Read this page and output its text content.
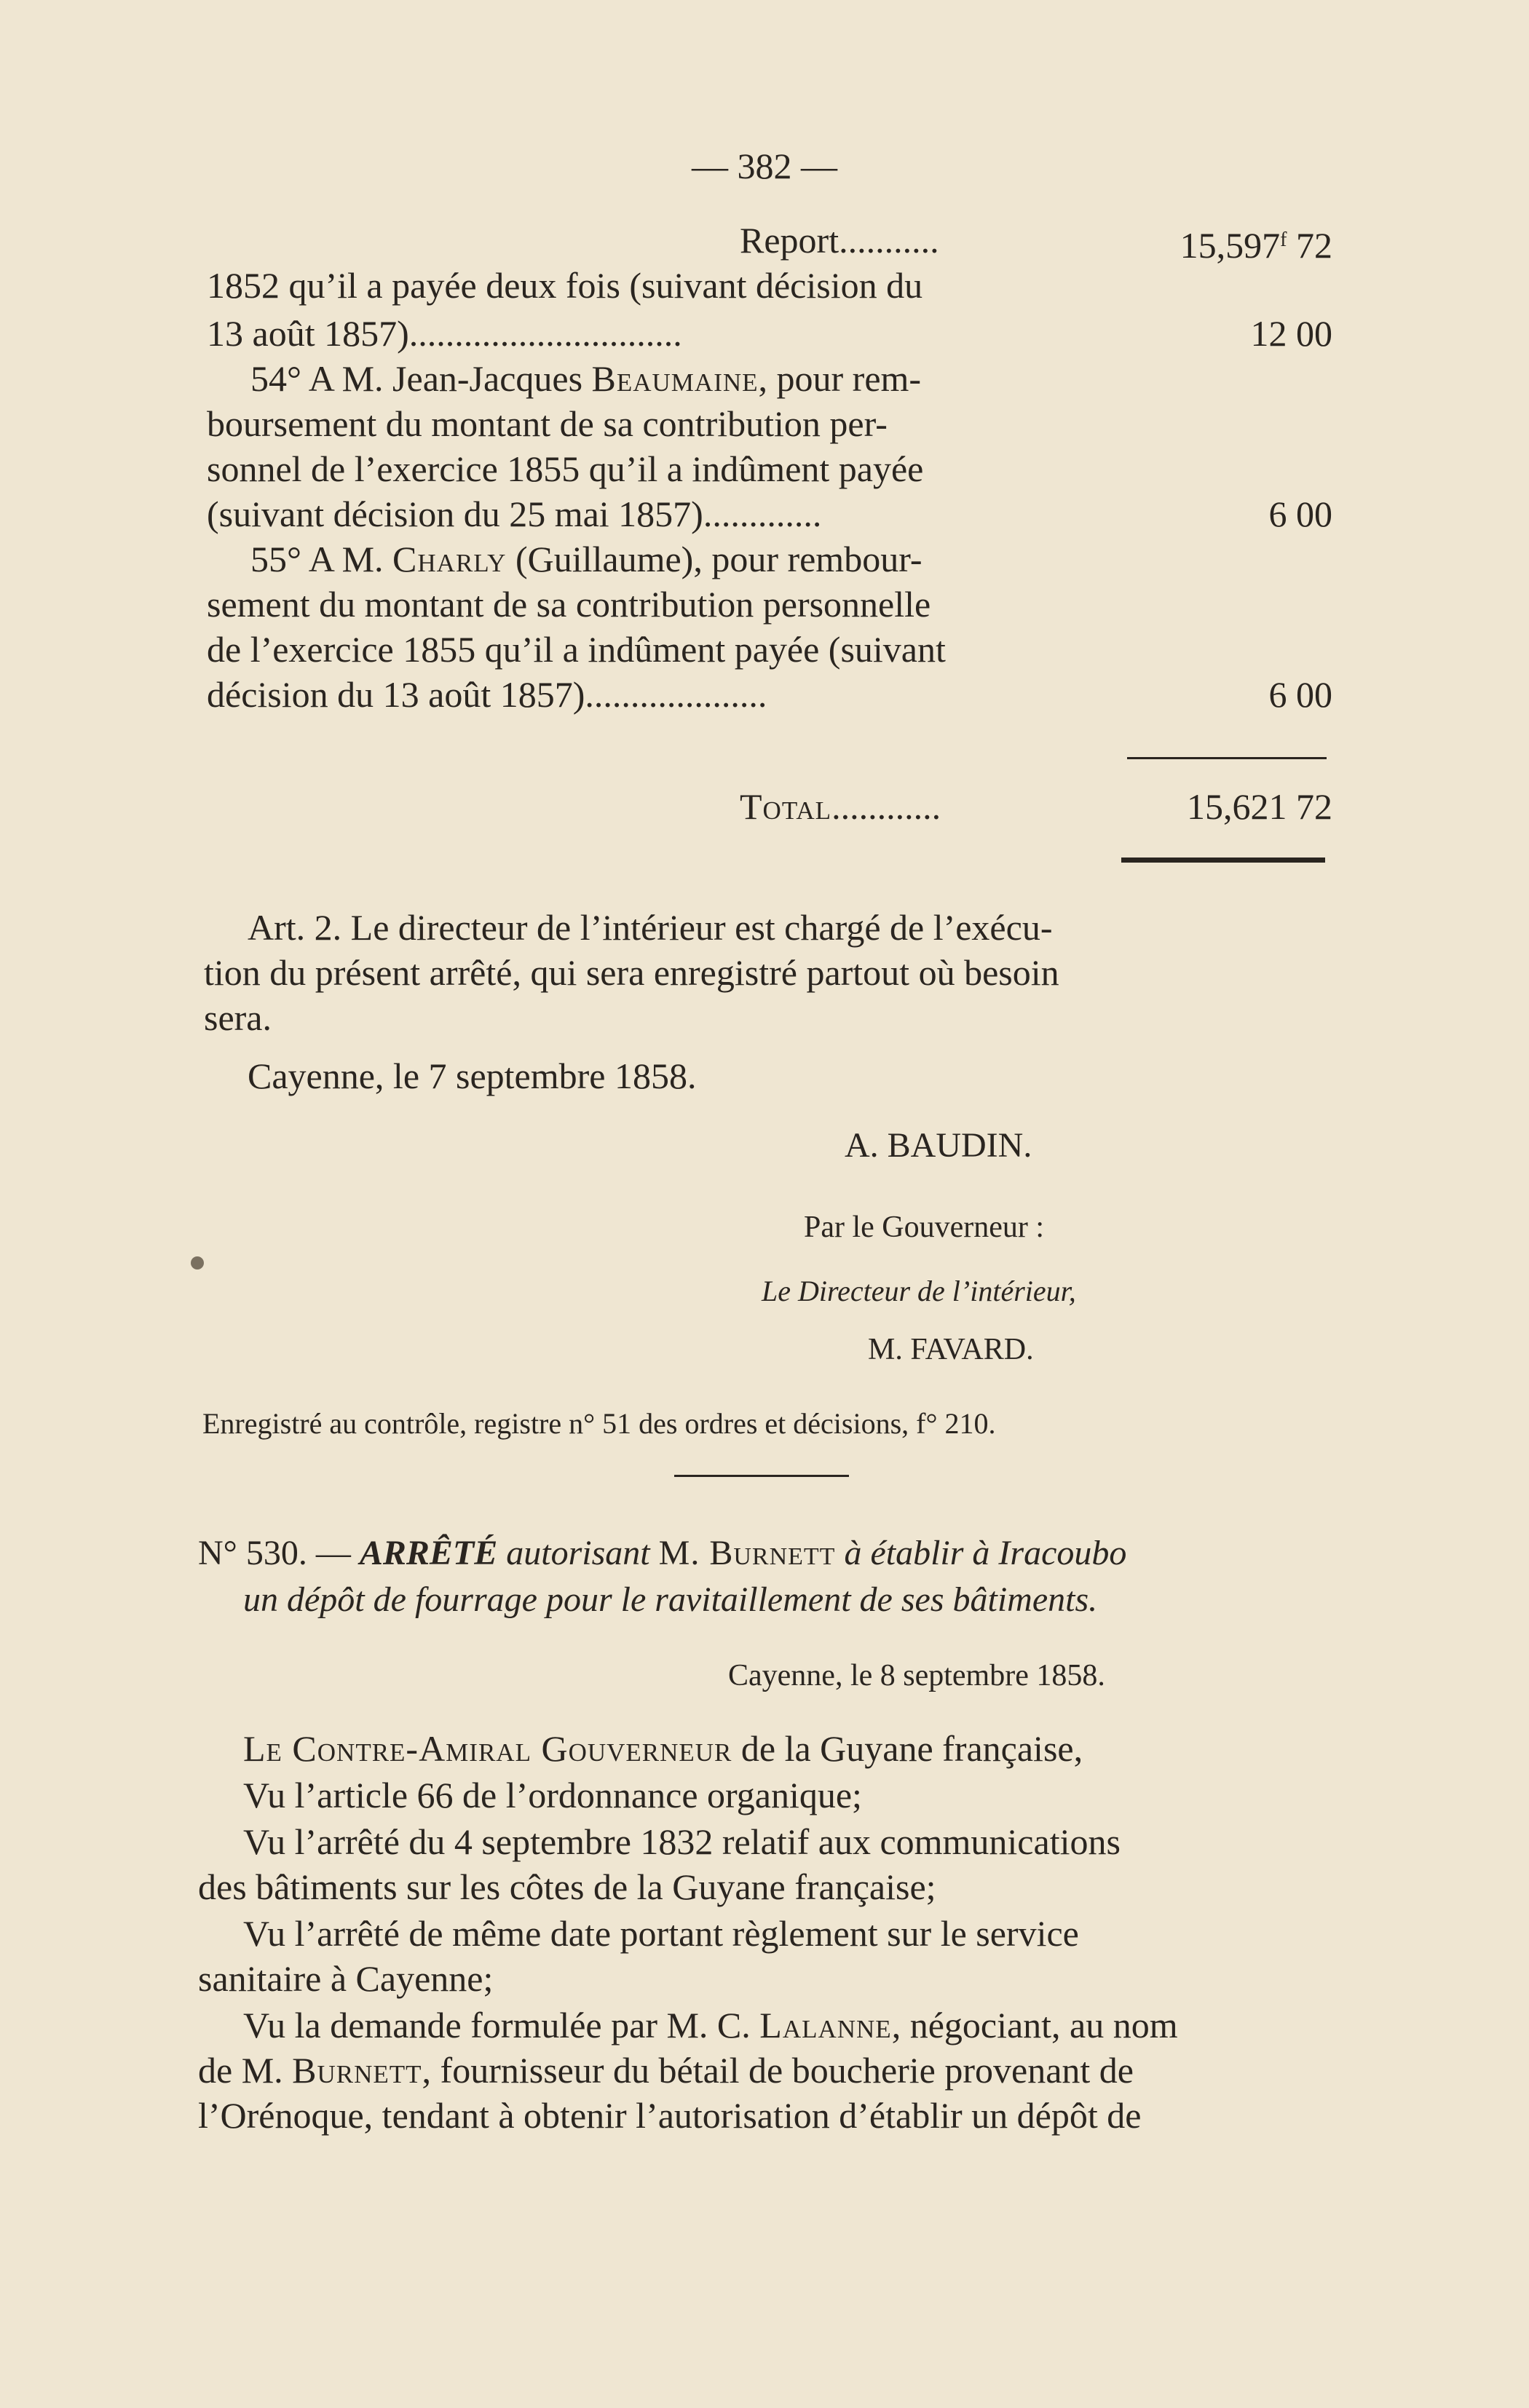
— 382 —
Report...........	15,597$^f$ 72
1852 qu’il a payée deux fois (suivant décision du
13 août 1857)..............................	12 00
54° A M. Jean-Jacques Beaumaine, pour rem-
boursement du montant de sa contribution per-
sonnel de l’exercice 1855 qu’il a indûment payée
(suivant décision du 25 mai 1857).............	6 00
55° A M. Charly (Guillaume), pour rembour-
sement du montant de sa contribution personnelle
de l’exercice 1855 qu’il a indûment payée (suivant
décision du 13 août 1857)....................	6 00
Total............	15,621 72
Art. 2. Le directeur de l’intérieur est chargé de l’exécu-
tion du présent arrêté, qui sera enregistré partout où besoin
sera.
Cayenne, le 7 septembre 1858.
A. BAUDIN.
Par le Gouverneur :
Le Directeur de l’intérieur,
M. FAVARD.
Enregistré au contrôle, registre n° 51 des ordres et décisions, f° 210.
N° 530. — ARRÊTÉ autorisant M. Burnett à établir à Iracoubo
un dépôt de fourrage pour le ravitaillement de ses bâtiments.
Cayenne, le 8 septembre 1858.
Le Contre-Amiral Gouverneur de la Guyane française,
Vu l’article 66 de l’ordonnance organique;
Vu l’arrêté du 4 septembre 1832 relatif aux communications
des bâtiments sur les côtes de la Guyane française;
Vu l’arrêté de même date portant règlement sur le service
sanitaire à Cayenne;
Vu la demande formulée par M. C. Lalanne, négociant, au nom
de M. Burnett, fournisseur du bétail de boucherie provenant de
l’Orénoque, tendant à obtenir l’autorisation d’établir un dépôt de
